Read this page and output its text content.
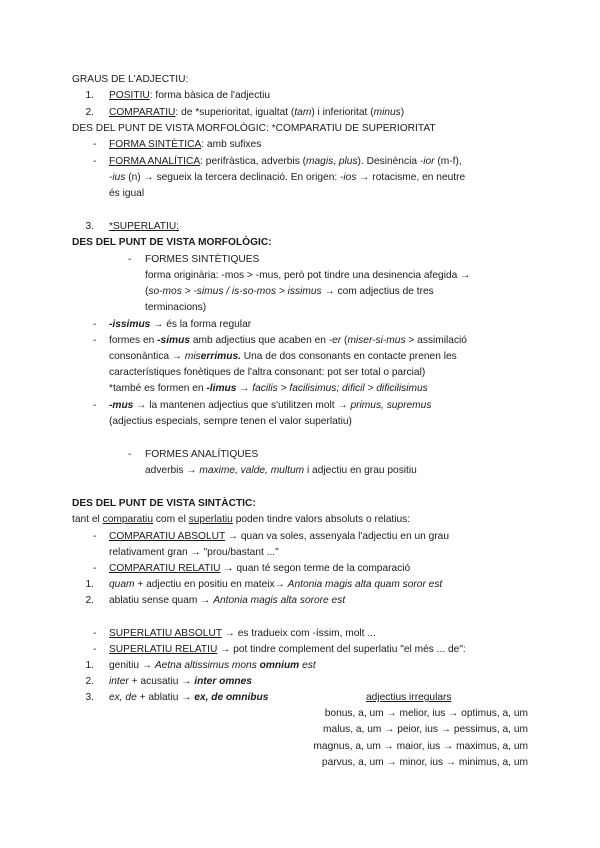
GRAUS DE L'ADJECTIU:
1. POSITIU: forma bàsica de l'adjectiu
2. COMPARATIU: de *superioritat, igualtat (tam) i inferioritat (minus)
DES DEL PUNT DE VISTA MORFOLÒGIC: *COMPARATIU DE SUPERIORITAT
- FORMA SINTÈTICA: amb sufixes
- FORMA ANALÍTICA: perifràstica, adverbis (magis, plus). Desinència -ior (m-f),
-ius (n) → segueix la tercera declinació. En origen: -ios → rotacisme, en neutre
és igual
3. *SUPERLATIU:
DES DEL PUNT DE VISTA MORFOLÒGIC:
- FORMES SINTÈTIQUES
forma originària: -mos > -mus, però pot tindre una desinencia afegida →
(so-mos > -simus / is-so-mos > issimus → com adjectius de tres
terminacions)
- -issimus → és la forma regular
- formes en -simus amb adjectius que acaben en -er (miser-si-mus > assimilació
consonàntica → miserrimus. Una de dos consonants en contacte prenen les
característiques fonètiques de l'altra consonant: pot ser total o parcial)
*també es formen en -limus → facilis > facilisimus; dificil > dificilisimus
- -mus → la mantenen adjectius que s'utilitzen molt → primus, supremus
(adjectius especials, sempre tenen el valor superlatiu)
- FORMES ANALÍTIQUES
adverbis → maxime, valde, multum i adjectiu en grau positiu
DES DEL PUNT DE VISTA SINTÀCTIC:
tant el comparatiu com el superlatiu poden tindre valors absoluts o relatius:
- COMPARATIU ABSOLUT → quan va soles, assenyala l'adjectiu en un grau
relativament gran → "prou/bastant ..."
- COMPARATIU RELATIU → quan té segon terme de la comparació
1. quam + adjectiu en positiu en mateix→ Antonia magis alta quam soror est
2. ablatiu sense quam → Antonia magis alta sorore est
- SUPERLATIU ABSOLUT → es tradueix com -íssim, molt ...
- SUPERLATIU RELATIU → pot tindre complement del superlatiu "el més ... de":
1. genitiu → Aetna altissimus mons omnium est
2. inter + acusatiu → inter omnes
3. ex, de + ablatiu → ex, de omnibus	adjectius irregulars
bonus, a, um → melior, ius → optimus, a, um
malus, a, um → peior, ius → pessimus, a, um
magnus, a, um → maior, ius → maximus, a, um
parvus, a, um → minor, ius → minimus, a, um
